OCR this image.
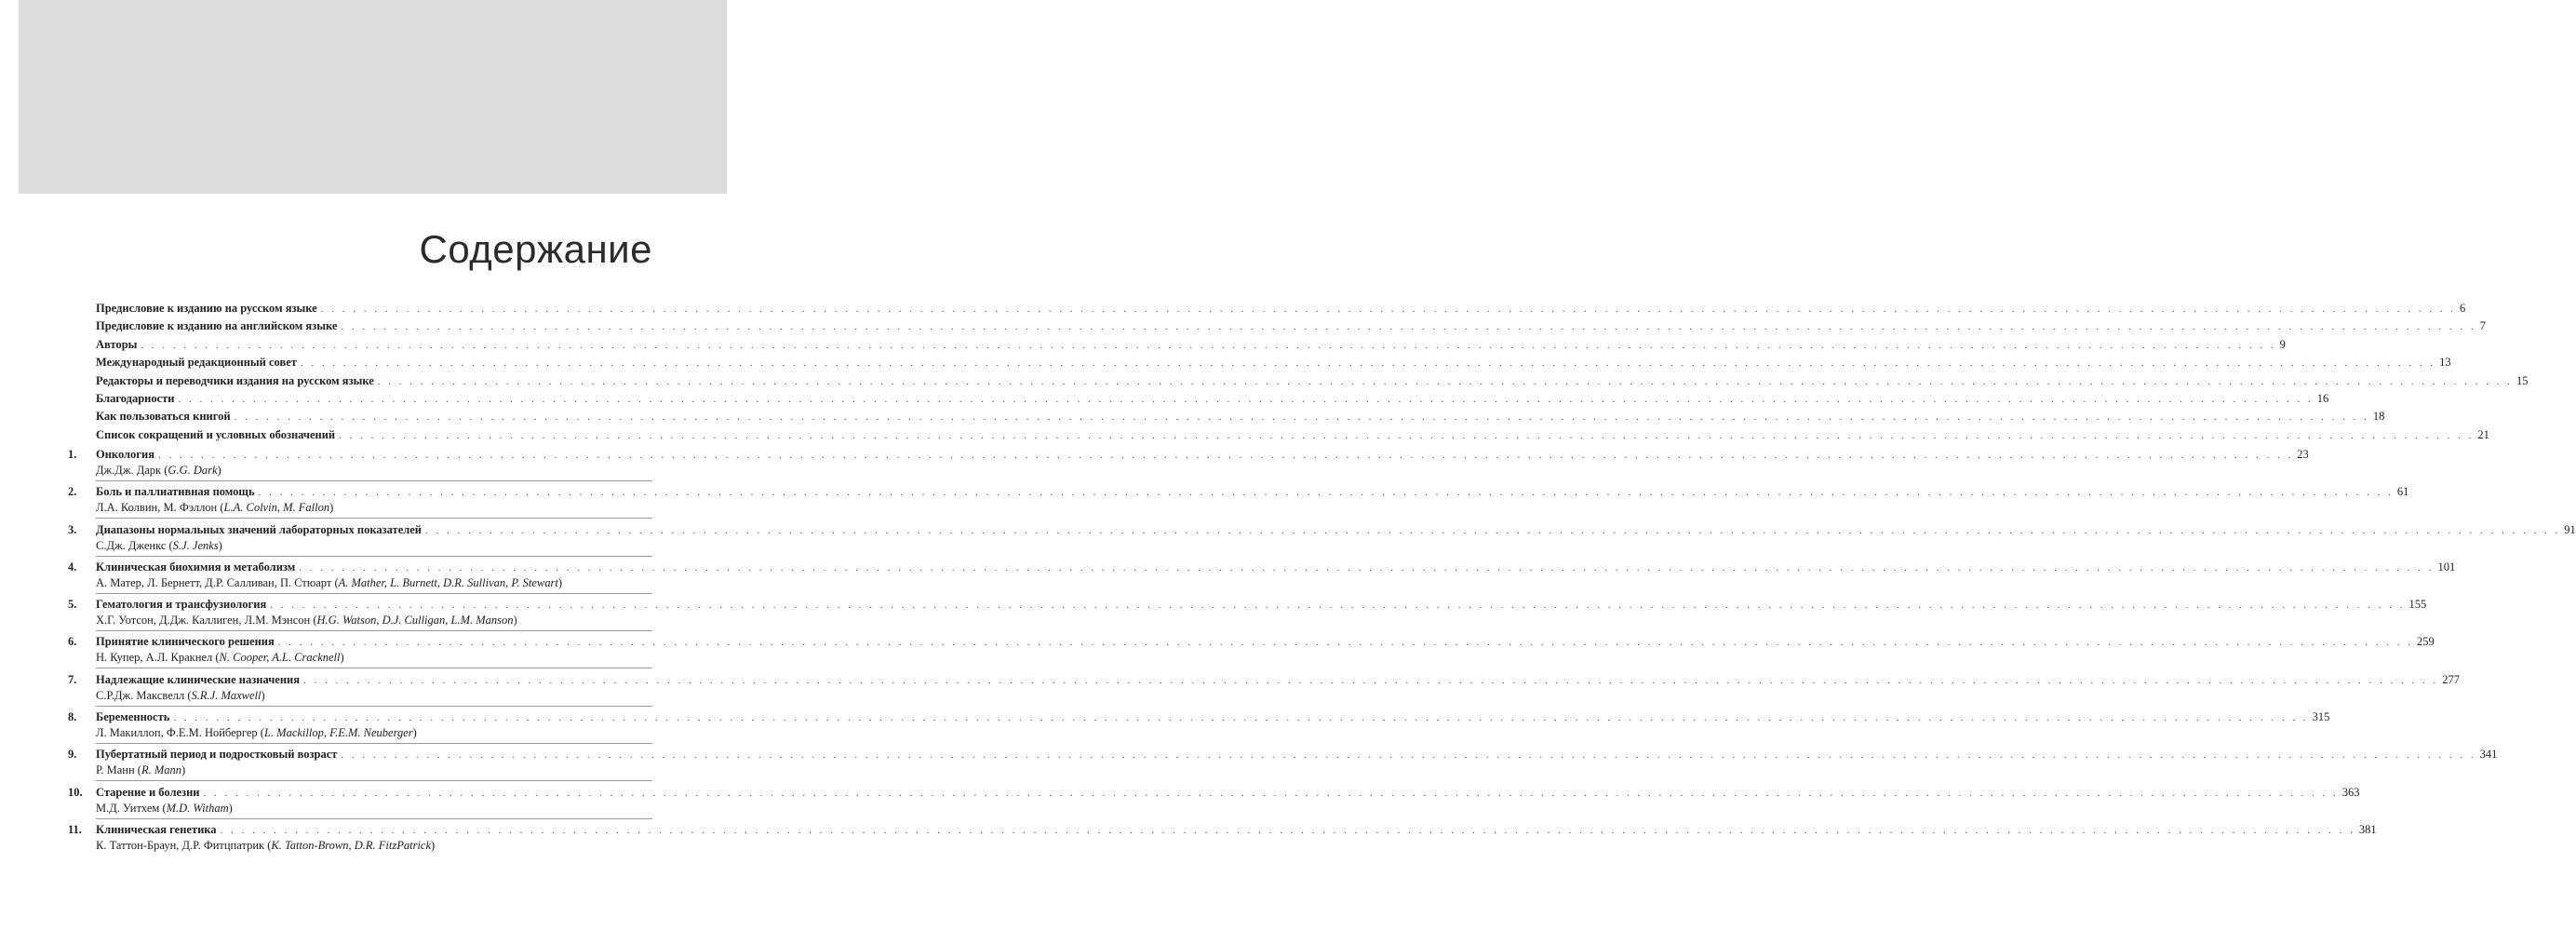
Содержание
Предисловие к изданию на русском языке . . . . . . . . . . . . . . . . . . . . . . . . . . . . . . . . . . . . . . . . . . . . . . . . . . . . . . . . . . . . . . . . . . . . . . . . . . . . . . . . . . . . . . . . . . . . . . . . . . . . . . . . . . . . . . . . . . . . . . . . . . . . . . . . . . . . . . . . . . . . . . . . . . . . . . . . . . . . . . . . . . . . . . . . . . . . . . . . . . . . . . . . . . . . . . . . . . . . . . . . 6
Предисловие к изданию на английском языке . . . . . . . . . . . . . . . . . . . . . . . . . . . . . . . . . . . . . . . . . . . . . . . . . . . . . . . . . . . . . . . . . . . . . . . . . . . . . . . . . . . . . . . . . . . . . . . . . . . . . . . . . . . . . . . . . . . . . . . . . . . . . . . . . . . . . . . . . . . . . . . . . . . . . . . . . . . . . . . . . . . . . . . . . . . . . . . . . . . . . . . . . . . . . . . . . . . . . . . . 7
Авторы . . . . . . . . . . . . . . . . . . . . . . . . . . . . . . . . . . . . . . . . . . . . . . . . . . . . . . . . . . . . . . . . . . . . . . . . . . . . . . . . . . . . . . . . . . . . . . . . . . . . . . . . . . . . . . . . . . . . . . . . . . . . . . . . . . . . . . . . . . . . . . . . . . . . . . . . . . . . . . . . . . . . . . . . . . . . . . . . . . . . . . . . . . . . . . . . . . . . . . . . 9
Международный редакционный совет . . . . . . . . . . . . . . . . . . . . . . . . . . . . . . . . . . . . . . . . . . . . . . . . . . . . . . . . . . . . . . . . . . . . . . . . . . . . . . . . . . . . . . . . . . . . . . . . . . . . . . . . . . . . . . . . . . . . . . . . . . . . . . . . . . . . . . . . . . . . . . . . . . . . . . . . . . . . . . . . . . . . . . . . . . . . . . . . . . . . . . . . . . . . . . . . . . . . . . . . 13
Редакторы и переводчики издания на русском языке . . . . . . . . . . . . . . . . . . . . . . . . . . . . . . . . . . . . . . . . . . . . . . . . . . . . . . . . . . . . . . . . . . . . . . . . . . . . . . . . . . . . . . . . . . . . . . . . . . . . . . . . . . . . . . . . . . . . . . . . . . . . . . . . . . . . . . . . . . . . . . . . . . . . . . . . . . . . . . . . . . . . . . . . . . . . . . . . . . . . . . . . . . . . . . . . . . . . . . . . 15
Благодарности . . . . . . . . . . . . . . . . . . . . . . . . . . . . . . . . . . . . . . . . . . . . . . . . . . . . . . . . . . . . . . . . . . . . . . . . . . . . . . . . . . . . . . . . . . . . . . . . . . . . . . . . . . . . . . . . . . . . . . . . . . . . . . . . . . . . . . . . . . . . . . . . . . . . . . . . . . . . . . . . . . . . . . . . . . . . . . . . . . . . . . . . . . . . . . . . . . . . . . . . 16
Как пользоваться книгой . . . . . . . . . . . . . . . . . . . . . . . . . . . . . . . . . . . . . . . . . . . . . . . . . . . . . . . . . . . . . . . . . . . . . . . . . . . . . . . . . . . . . . . . . . . . . . . . . . . . . . . . . . . . . . . . . . . . . . . . . . . . . . . . . . . . . . . . . . . . . . . . . . . . . . . . . . . . . . . . . . . . . . . . . . . . . . . . . . . . . . . . . . . . . . . . . . . . . . . . 18
Список сокращений и условных обозначений . . . . . . . . . . . . . . . . . . . . . . . . . . . . . . . . . . . . . . . . . . . . . . . . . . . . . . . . . . . . . . . . . . . . . . . . . . . . . . . . . . . . . . . . . . . . . . . . . . . . . . . . . . . . . . . . . . . . . . . . . . . . . . . . . . . . . . . . . . . . . . . . . . . . . . . . . . . . . . . . . . . . . . . . . . . . . . . . . . . . . . . . . . . . . . . . . . . . . . . . 21
1.	Онкология . . . . . . . . . . . . . . . . . . . . . . . . . . . . . . . . . . . . . . . . . . . . . . . . . . . . . . . . . . . . . . . . . . . . . . . . . . . . . . . . . . . . . . . . . . . . . . . . . . . . . . . . . . . . . . . . . . . . . . . . . . . . . . . . . . . . . . . . . . . . . . . . . . . . . . . . . . . . . . . . . . . . . . . . . . . . . . . . . . . . . . . . . . . . . . . . . . . . . . . . 23
Дж.Дж. Дарк (G.G. Dark)
2.	Боль и паллиативная помощь . . . . . . . . . . . . . . . . . . . . . . . . . . . . . . . . . . . . . . . . . . . . . . . . . . . . . . . . . . . . . . . . . . . . . . . . . . . . . . . . . . . . . . . . . . . . . . . . . . . . . . . . . . . . . . . . . . . . . . . . . . . . . . . . . . . . . . . . . . . . . . . . . . . . . . . . . . . . . . . . . . . . . . . . . . . . . . . . . . . . . . . . . . . . . . . . . . . . . . . . 61
Л.А. Колвин, М. Фэллон (L.A. Colvin, M. Fallon)
3.	Диапазоны нормальных значений лабораторных показателей . . . . . . . . . . . . . . . . . . . . . . . . . . . . . . . . . . . . . . . . . . . . . . . . . . . . . . . . . . . . . . . . . . . . . . . . . . . . . . . . . . . . . . . . . . . . . . . . . . . . . . . . . . . . . . . . . . . . . . . . . . . . . . . . . . . . . . . . . . . . . . . . . . . . . . . . . . . . . . . . . . . . . . . . . . . . . . . . . . . . . . . . . . . . . . . . . . . . . . . . 91
С.Дж. Дженкс (S.J. Jenks)
4.	Клиническая биохимия и метаболизм . . . . . . . . . . . . . . . . . . . . . . . . . . . . . . . . . . . . . . . . . . . . . . . . . . . . . . . . . . . . . . . . . . . . . . . . . . . . . . . . . . . . . . . . . . . . . . . . . . . . . . . . . . . . . . . . . . . . . . . . . . . . . . . . . . . . . . . . . . . . . . . . . . . . . . . . . . . . . . . . . . . . . . . . . . . . . . . . . . . . . . . . . . . . . . . . . . . . . . . . 101
А. Матер, Л. Бернетт, Д.Р. Салливан, П. Стюарт (A. Mather, L. Burnett, D.R. Sullivan, P. Stewart)
5.	Гематология и трансфузиология . . . . . . . . . . . . . . . . . . . . . . . . . . . . . . . . . . . . . . . . . . . . . . . . . . . . . . . . . . . . . . . . . . . . . . . . . . . . . . . . . . . . . . . . . . . . . . . . . . . . . . . . . . . . . . . . . . . . . . . . . . . . . . . . . . . . . . . . . . . . . . . . . . . . . . . . . . . . . . . . . . . . . . . . . . . . . . . . . . . . . . . . . . . . . . . . . . . . . . . . 155
Х.Г. Уотсон, Д.Дж. Каллиген, Л.М. Мэнсон (H.G. Watson, D.J. Culligan, L.M. Manson)
6.	Принятие клинического решения . . . . . . . . . . . . . . . . . . . . . . . . . . . . . . . . . . . . . . . . . . . . . . . . . . . . . . . . . . . . . . . . . . . . . . . . . . . . . . . . . . . . . . . . . . . . . . . . . . . . . . . . . . . . . . . . . . . . . . . . . . . . . . . . . . . . . . . . . . . . . . . . . . . . . . . . . . . . . . . . . . . . . . . . . . . . . . . . . . . . . . . . . . . . . . . . . . . . . . . . 259
Н. Купер, А.Л. Кракнел (N. Cooper, A.L. Cracknell)
7.	Надлежащие клинические назначения . . . . . . . . . . . . . . . . . . . . . . . . . . . . . . . . . . . . . . . . . . . . . . . . . . . . . . . . . . . . . . . . . . . . . . . . . . . . . . . . . . . . . . . . . . . . . . . . . . . . . . . . . . . . . . . . . . . . . . . . . . . . . . . . . . . . . . . . . . . . . . . . . . . . . . . . . . . . . . . . . . . . . . . . . . . . . . . . . . . . . . . . . . . . . . . . . . . . . . . . 277
С.Р.Дж. Максвелл (S.R.J. Maxwell)
8.	Беременность . . . . . . . . . . . . . . . . . . . . . . . . . . . . . . . . . . . . . . . . . . . . . . . . . . . . . . . . . . . . . . . . . . . . . . . . . . . . . . . . . . . . . . . . . . . . . . . . . . . . . . . . . . . . . . . . . . . . . . . . . . . . . . . . . . . . . . . . . . . . . . . . . . . . . . . . . . . . . . . . . . . . . . . . . . . . . . . . . . . . . . . . . . . . . . . . . . . . . . . . 315
Л. Макиллоп, Ф.Е.М. Нойбергер (L. Mackillop, F.E.M. Neuberger)
9.	Пубертатный период и подростковый возраст . . . . . . . . . . . . . . . . . . . . . . . . . . . . . . . . . . . . . . . . . . . . . . . . . . . . . . . . . . . . . . . . . . . . . . . . . . . . . . . . . . . . . . . . . . . . . . . . . . . . . . . . . . . . . . . . . . . . . . . . . . . . . . . . . . . . . . . . . . . . . . . . . . . . . . . . . . . . . . . . . . . . . . . . . . . . . . . . . . . . . . . . . . . . . . . . . . . . . . . . 341
Р. Манн (R. Mann)
10.	Старение и болезни . . . . . . . . . . . . . . . . . . . . . . . . . . . . . . . . . . . . . . . . . . . . . . . . . . . . . . . . . . . . . . . . . . . . . . . . . . . . . . . . . . . . . . . . . . . . . . . . . . . . . . . . . . . . . . . . . . . . . . . . . . . . . . . . . . . . . . . . . . . . . . . . . . . . . . . . . . . . . . . . . . . . . . . . . . . . . . . . . . . . . . . . . . . . . . . . . . . . . . . . 363
М.Д. Уитхем (M.D. Witham)
11.	Клиническая генетика . . . . . . . . . . . . . . . . . . . . . . . . . . . . . . . . . . . . . . . . . . . . . . . . . . . . . . . . . . . . . . . . . . . . . . . . . . . . . . . . . . . . . . . . . . . . . . . . . . . . . . . . . . . . . . . . . . . . . . . . . . . . . . . . . . . . . . . . . . . . . . . . . . . . . . . . . . . . . . . . . . . . . . . . . . . . . . . . . . . . . . . . . . . . . . . . . . . . . . . . 381
К. Таттон-Браун, Д.Р. Фитцпатрик (K. Tatton-Brown, D.R. FitzPatrick)
